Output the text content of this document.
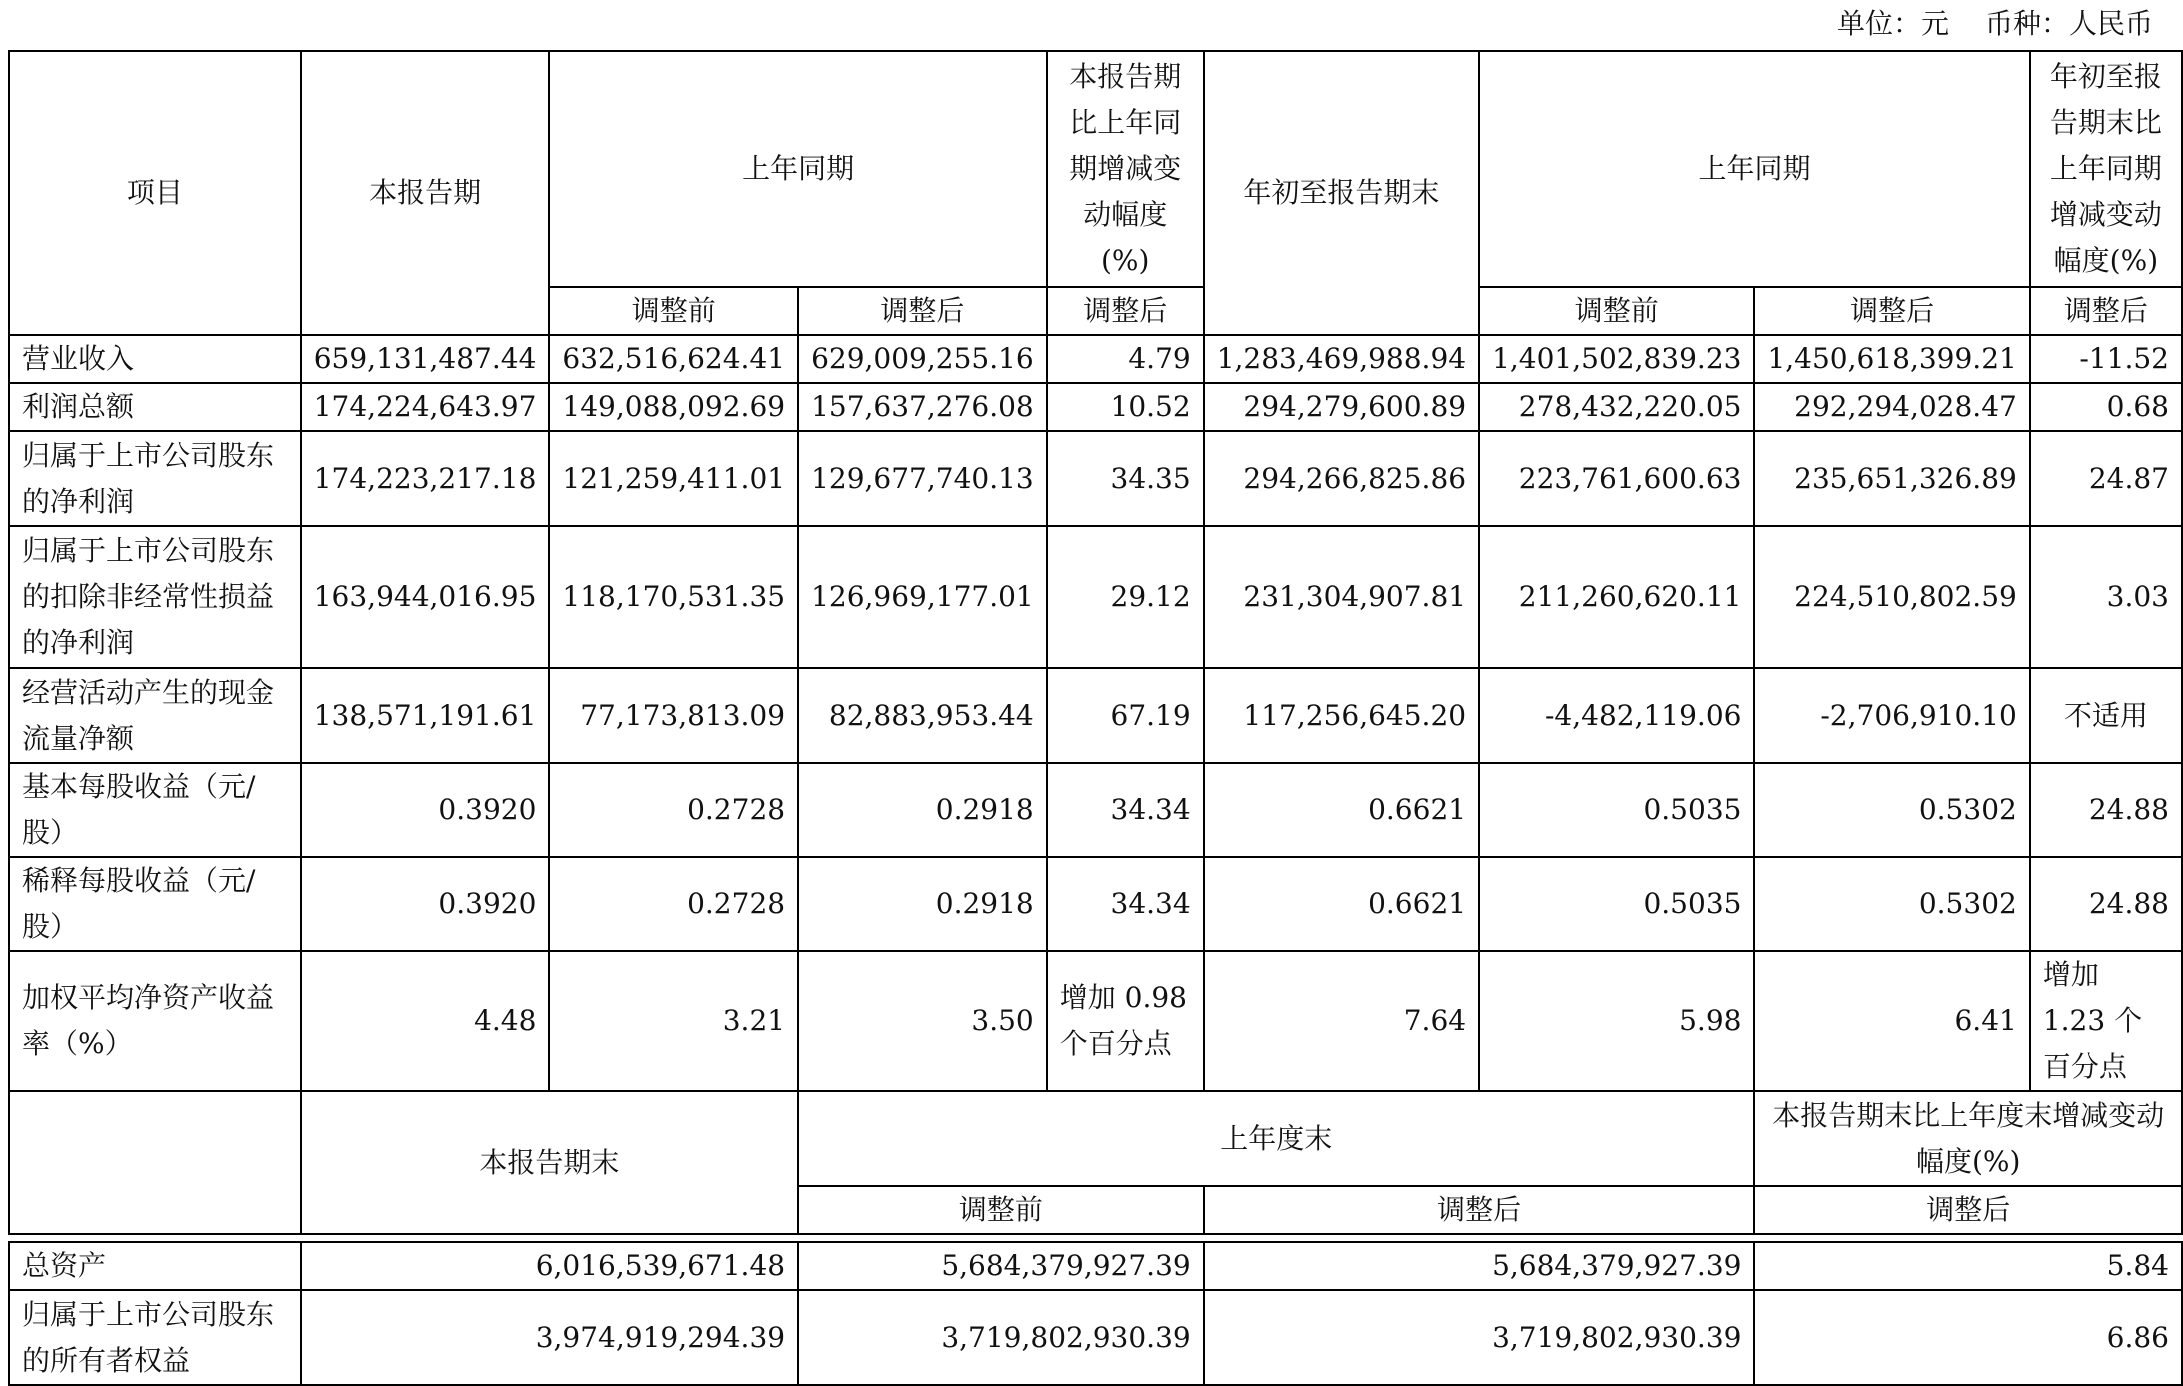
单位：元 币种：人民币
项目	本报告期	上年同期		本报告期比上年同期增减变动幅度(%)	年初至报告期末	上年同期		年初至报告期末比上年同期增减变动幅度(%)
		调整前	调整后	调整后		调整前	调整后	调整后
营业收入	659,131,487.44	632,516,624.41	629,009,255.16	4.79	1,283,469,988.94	1,401,502,839.23	1,450,618,399.21	-11.52
利润总额	174,224,643.97	149,088,092.69	157,637,276.08	10.52	294,279,600.89	278,432,220.05	292,294,028.47	0.68
归属于上市公司股东的净利润	174,223,217.18	121,259,411.01	129,677,740.13	34.35	294,266,825.86	223,761,600.63	235,651,326.89	24.87
归属于上市公司股东的扣除非经常性损益的净利润	163,944,016.95	118,170,531.35	126,969,177.01	29.12	231,304,907.81	211,260,620.11	224,510,802.59	3.03
经营活动产生的现金流量净额	138,571,191.61	77,173,813.09	82,883,953.44	67.19	117,256,645.20	-4,482,119.06	-2,706,910.10	不适用
基本每股收益（元/股）	0.3920	0.2728	0.2918	34.34	0.6621	0.5035	0.5302	24.88
稀释每股收益（元/股）	0.3920	0.2728	0.2918	34.34	0.6621	0.5035	0.5302	24.88
加权平均净资产收益率（%）	4.48	3.21	3.50	增加 0.98 个百分点	7.64	5.98	6.41	增加 1.23 个百分点
	本报告期末		上年度末				本报告期末比上年度末增减变动幅度(%)	
			调整前		调整后		调整后	

总资产	6,016,539,671.48		5,684,379,927.39		5,684,379,927.39		5.84	
归属于上市公司股东的所有者权益	3,974,919,294.39		3,719,802,930.39		3,719,802,930.39		6.86	
